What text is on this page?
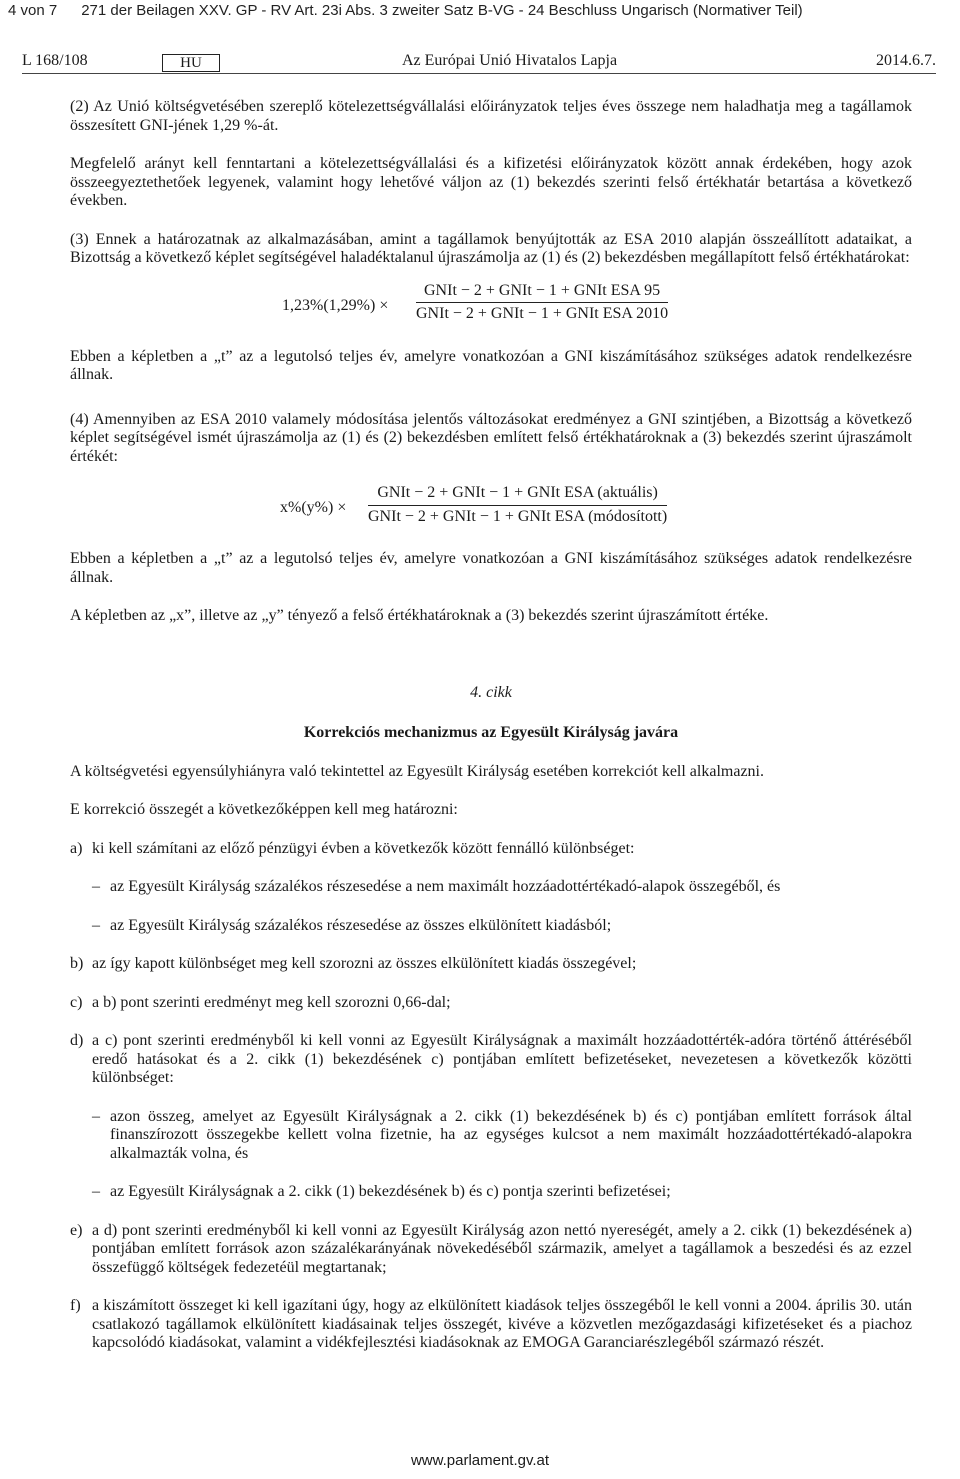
4 von 7 271 der Beilagen XXV. GP - RV Art. 23i Abs. 3 zweiter Satz B-VG - 24 Beschluss Ungarisch (Normativer Teil)
L 168/108	HU	Az Európai Unió Hivatalos Lapja	2014.6.7.

(2) Az Unió költségvetésében szereplő kötelezettségvállalási előirányzatok teljes éves összege nem haladhatja meg a tagállamok összesített GNI-jének 1,29 %-át.

Megfelelő arányt kell fenntartani a kötelezettségvállalási és a kifizetési előirányzatok között annak érdekében, hogy azok összeegyeztethetőek legyenek, valamint hogy lehetővé váljon az (1) bekezdés szerinti felső értékhatár betartása a következő években.

(3) Ennek a határozatnak az alkalmazásában, amint a tagállamok benyújtották az ESA 2010 alapján összeállított adataikat, a Bizottság a következő képlet segítségével haladéktalanul újraszámolja az (1) és (2) bekezdésben megállapított felső értékhatárokat:

1,23%(1,29%) ×
GNIt − 2 + GNIt − 1 + GNIt ESA 95
GNIt − 2 + GNIt − 1 + GNIt ESA 2010

Ebben a képletben a „t” az a legutolsó teljes év, amelyre vonatkozóan a GNI kiszámításához szükséges adatok rendelkezésre állnak.

(4) Amennyiben az ESA 2010 valamely módosítása jelentős változásokat eredményez a GNI szintjében, a Bizottság a következő képlet segítségével ismét újraszámolja az (1) és (2) bekezdésben említett felső értékhatároknak a (3) bekezdés szerint újraszámolt értékét:

x%(y%) ×
GNIt − 2 + GNIt − 1 + GNIt ESA (aktuális)
GNIt − 2 + GNIt − 1 + GNIt ESA (módosított)

Ebben a képletben a „t” az a legutolsó teljes év, amelyre vonatkozóan a GNI kiszámításához szükséges adatok rendelkezésre állnak.

A képletben az „x”, illetve az „y” tényező a felső értékhatároknak a (3) bekezdés szerint újraszámított értéke.

4. cikk
Korrekciós mechanizmus az Egyesült Királyság javára

A költségvetési egyensúlyhiányra való tekintettel az Egyesült Királyság esetében korrekciót kell alkalmazni.

E korrekció összegét a következőképpen kell meg határozni:

a) ki kell számítani az előző pénzügyi évben a következők között fennálló különbséget:
– az Egyesült Királyság százalékos részesedése a nem maximált hozzáadottértékadó-alapok összegéből, és
– az Egyesült Királyság százalékos részesedése az összes elkülönített kiadásból;
b) az így kapott különbséget meg kell szorozni az összes elkülönített kiadás összegével;
c) a b) pont szerinti eredményt meg kell szorozni 0,66-dal;
d) a c) pont szerinti eredményből ki kell vonni az Egyesült Királyságnak a maximált hozzáadottérték-adóra történő áttéréséből eredő hatásokat és a 2. cikk (1) bekezdésének c) pontjában említett befizetéseket, nevezetesen a következők közötti különbséget:
– azon összeg, amelyet az Egyesült Királyságnak a 2. cikk (1) bekezdésének b) és c) pontjában említett források által finanszírozott összegekbe kellett volna fizetnie, ha az egységes kulcsot a nem maximált hozzáadottértékadó-alapokra alkalmazták volna, és
– az Egyesült Királyságnak a 2. cikk (1) bekezdésének b) és c) pontja szerinti befizetései;
e) a d) pont szerinti eredményből ki kell vonni az Egyesült Királyság azon nettó nyereségét, amely a 2. cikk (1) bekezdésének a) pontjában említett források azon százalékarányának növekedéséből származik, amelyet a tagállamok a beszedési és az ezzel összefüggő költségek fedezetéül megtartanak;
f) a kiszámított összeget ki kell igazítani úgy, hogy az elkülönített kiadások teljes összegéből le kell vonni a 2004. április 30. után csatlakozó tagállamok elkülönített kiadásainak teljes összegét, kivéve a közvetlen mezőgazdasági kifizetéseket és a piachoz kapcsolódó kiadásokat, valamint a vidékfejlesztési kiadásoknak az EMOGA Garanciarészlegéből származó részét.
www.parlament.gv.at
